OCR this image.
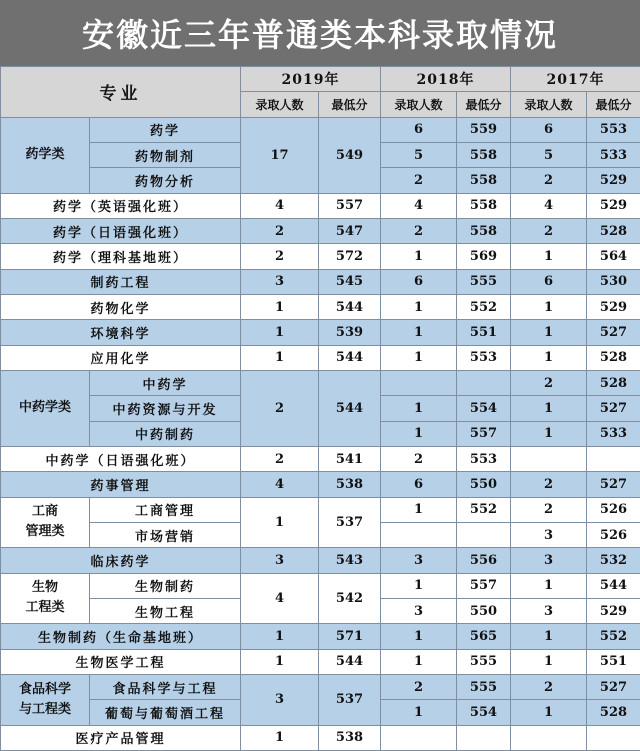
安徽近三年普通类本科录取情况
专业		2019年		2018年		2017年	
		录取人数	最低分	录取人数	最低分	录取人数	最低分
药学类	药学	17	549	6	559	6	553
	药物制剂			5	558	5	533
	药物分析			2	558	2	529
药学（英语强化班）		4	557	4	558	4	529
药学（日语强化班）		2	547	2	558	2	528
药学（理科基地班）		2	572	1	569	1	564
制药工程		3	545	6	555	6	530
药物化学		1	544	1	552	1	529
环境科学		1	539	1	551	1	527
应用化学		1	544	1	553	1	528
中药学类	中药学	2	544			2	528
	中药资源与开发			1	554	1	527
	中药制药			1	557	1	533
中药学（日语强化班）		2	541	2	553		
药事管理		4	538	6	550	2	527
工商
管理类	工商管理	1	537	1	552	2	526
	市场营销					3	526
临床药学		3	543	3	556	3	532
生物
工程类	生物制药	4	542	1	557	1	544
	生物工程			3	550	3	529
生物制药（生命基地班）		1	571	1	565	1	552
生物医学工程		1	544	1	555	1	551
食品科学
与工程类	食品科学与工程	3	537	2	555	2	527
	葡萄与葡萄酒工程			1	554	1	528
医疗产品管理		1	538				
